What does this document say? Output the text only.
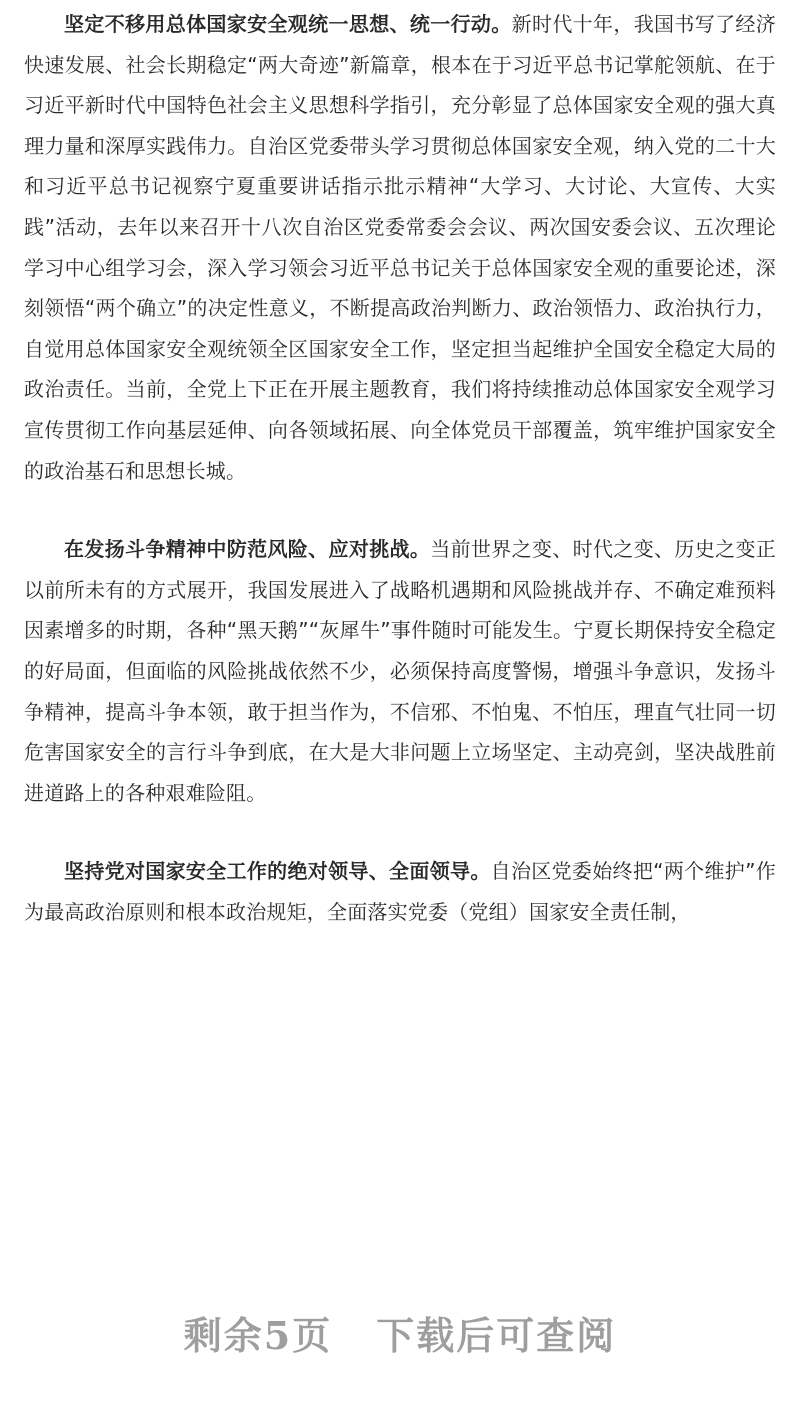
坚定不移用总体国家安全观统一思想、统一行动。新时代十年，我国书写了经济快速发展、社会长期稳定“两大奇迹”新篇章，根本在于习近平总书记掌舵领航、在于习近平新时代中国特色社会主义思想科学指引，充分彰显了总体国家安全观的强大真理力量和深厚实践伟力。自治区党委带头学习贯彻总体国家安全观，纳入党的二十大和习近平总书记视察宁夏重要讲话指示批示精神“大学习、大讨论、大宣传、大实践”活动，去年以来召开十八次自治区党委常委会会议、两次国安委会议、五次理论学习中心组学习会，深入学习领会习近平总书记关于总体国家安全观的重要论述，深刻领悟“两个确立”的决定性意义，不断提高政治判断力、政治领悟力、政治执行力，自觉用总体国家安全观统领全区国家安全工作，坚定担当起维护全国安全稳定大局的政治责任。当前，全党上下正在开展主题教育，我们将持续推动总体国家安全观学习宣传贯彻工作向基层延伸、向各领域拓展、向全体党员干部覆盖，筑牢维护国家安全的政治基石和思想长城。

在发扬斗争精神中防范风险、应对挑战。当前世界之变、时代之变、历史之变正以前所未有的方式展开，我国发展进入了战略机遇期和风险挑战并存、不确定难预料因素增多的时期，各种“黑天鹅”“灰犀牛”事件随时可能发生。宁夏长期保持安全稳定的好局面，但面临的风险挑战依然不少，必须保持高度警惕，增强斗争意识，发扬斗争精神，提高斗争本领，敢于担当作为，不信邪、不怕鬼、不怕压，理直气壮同一切危害国家安全的言行斗争到底，在大是大非问题上立场坚定、主动亮剑，坚决战胜前进道路上的各种艰难险阻。

坚持党对国家安全工作的绝对领导、全面领导。自治区党委始终把“两个维护”作为最高政治原则和根本政治规矩，全面落实党委（党组）国家安全责任制，

剩余5页 下载后可查阅
